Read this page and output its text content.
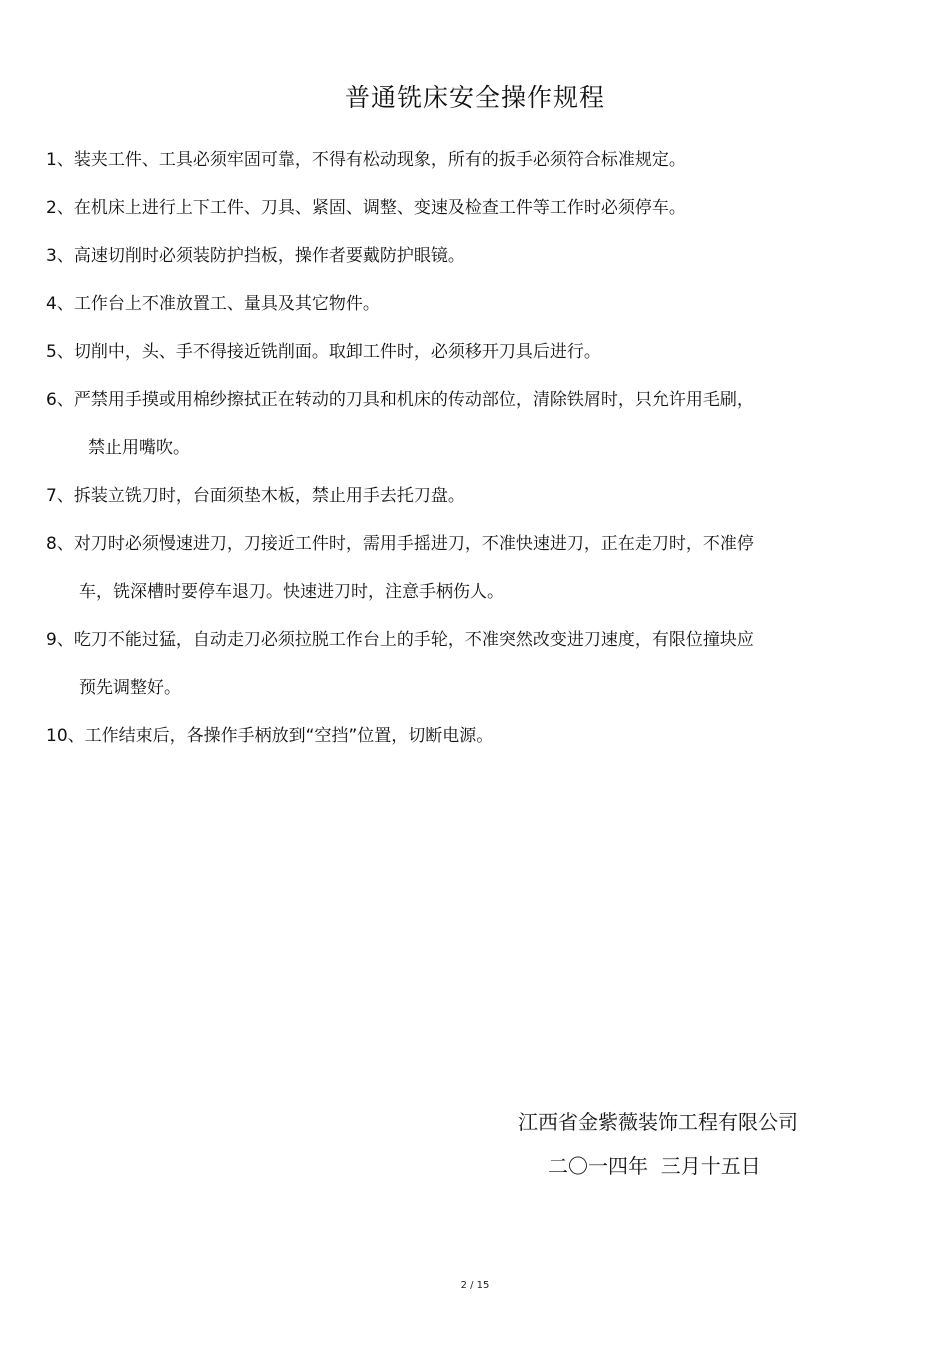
普通铣床安全操作规程
1、装夹工件、工具必须牢固可靠，不得有松动现象，所有的扳手必须符合标准规定。
2、在机床上进行上下工件、刀具、紧固、调整、变速及检查工件等工作时必须停车。
3、高速切削时必须装防护挡板，操作者要戴防护眼镜。
4、工作台上不准放置工、量具及其它物件。
5、切削中，头、手不得接近铣削面。取卸工件时，必须移开刀具后进行。
6、严禁用手摸或用棉纱擦拭正在转动的刀具和机床的传动部位，清除铁屑时，只允许用毛刷，
禁止用嘴吹。
7、拆装立铣刀时，台面须垫木板，禁止用手去托刀盘。
8、对刀时必须慢速进刀，刀接近工件时，需用手摇进刀，不准快速进刀，正在走刀时，不准停
车，铣深槽时要停车退刀。快速进刀时，注意手柄伤人。
9、吃刀不能过猛，自动走刀必须拉脱工作台上的手轮，不准突然改变进刀速度，有限位撞块应
预先调整好。
10、工作结束后，各操作手柄放到“空挡”位置，切断电源。
江西省金紫薇装饰工程有限公司
二〇一四年  三月十五日
2 / 15
